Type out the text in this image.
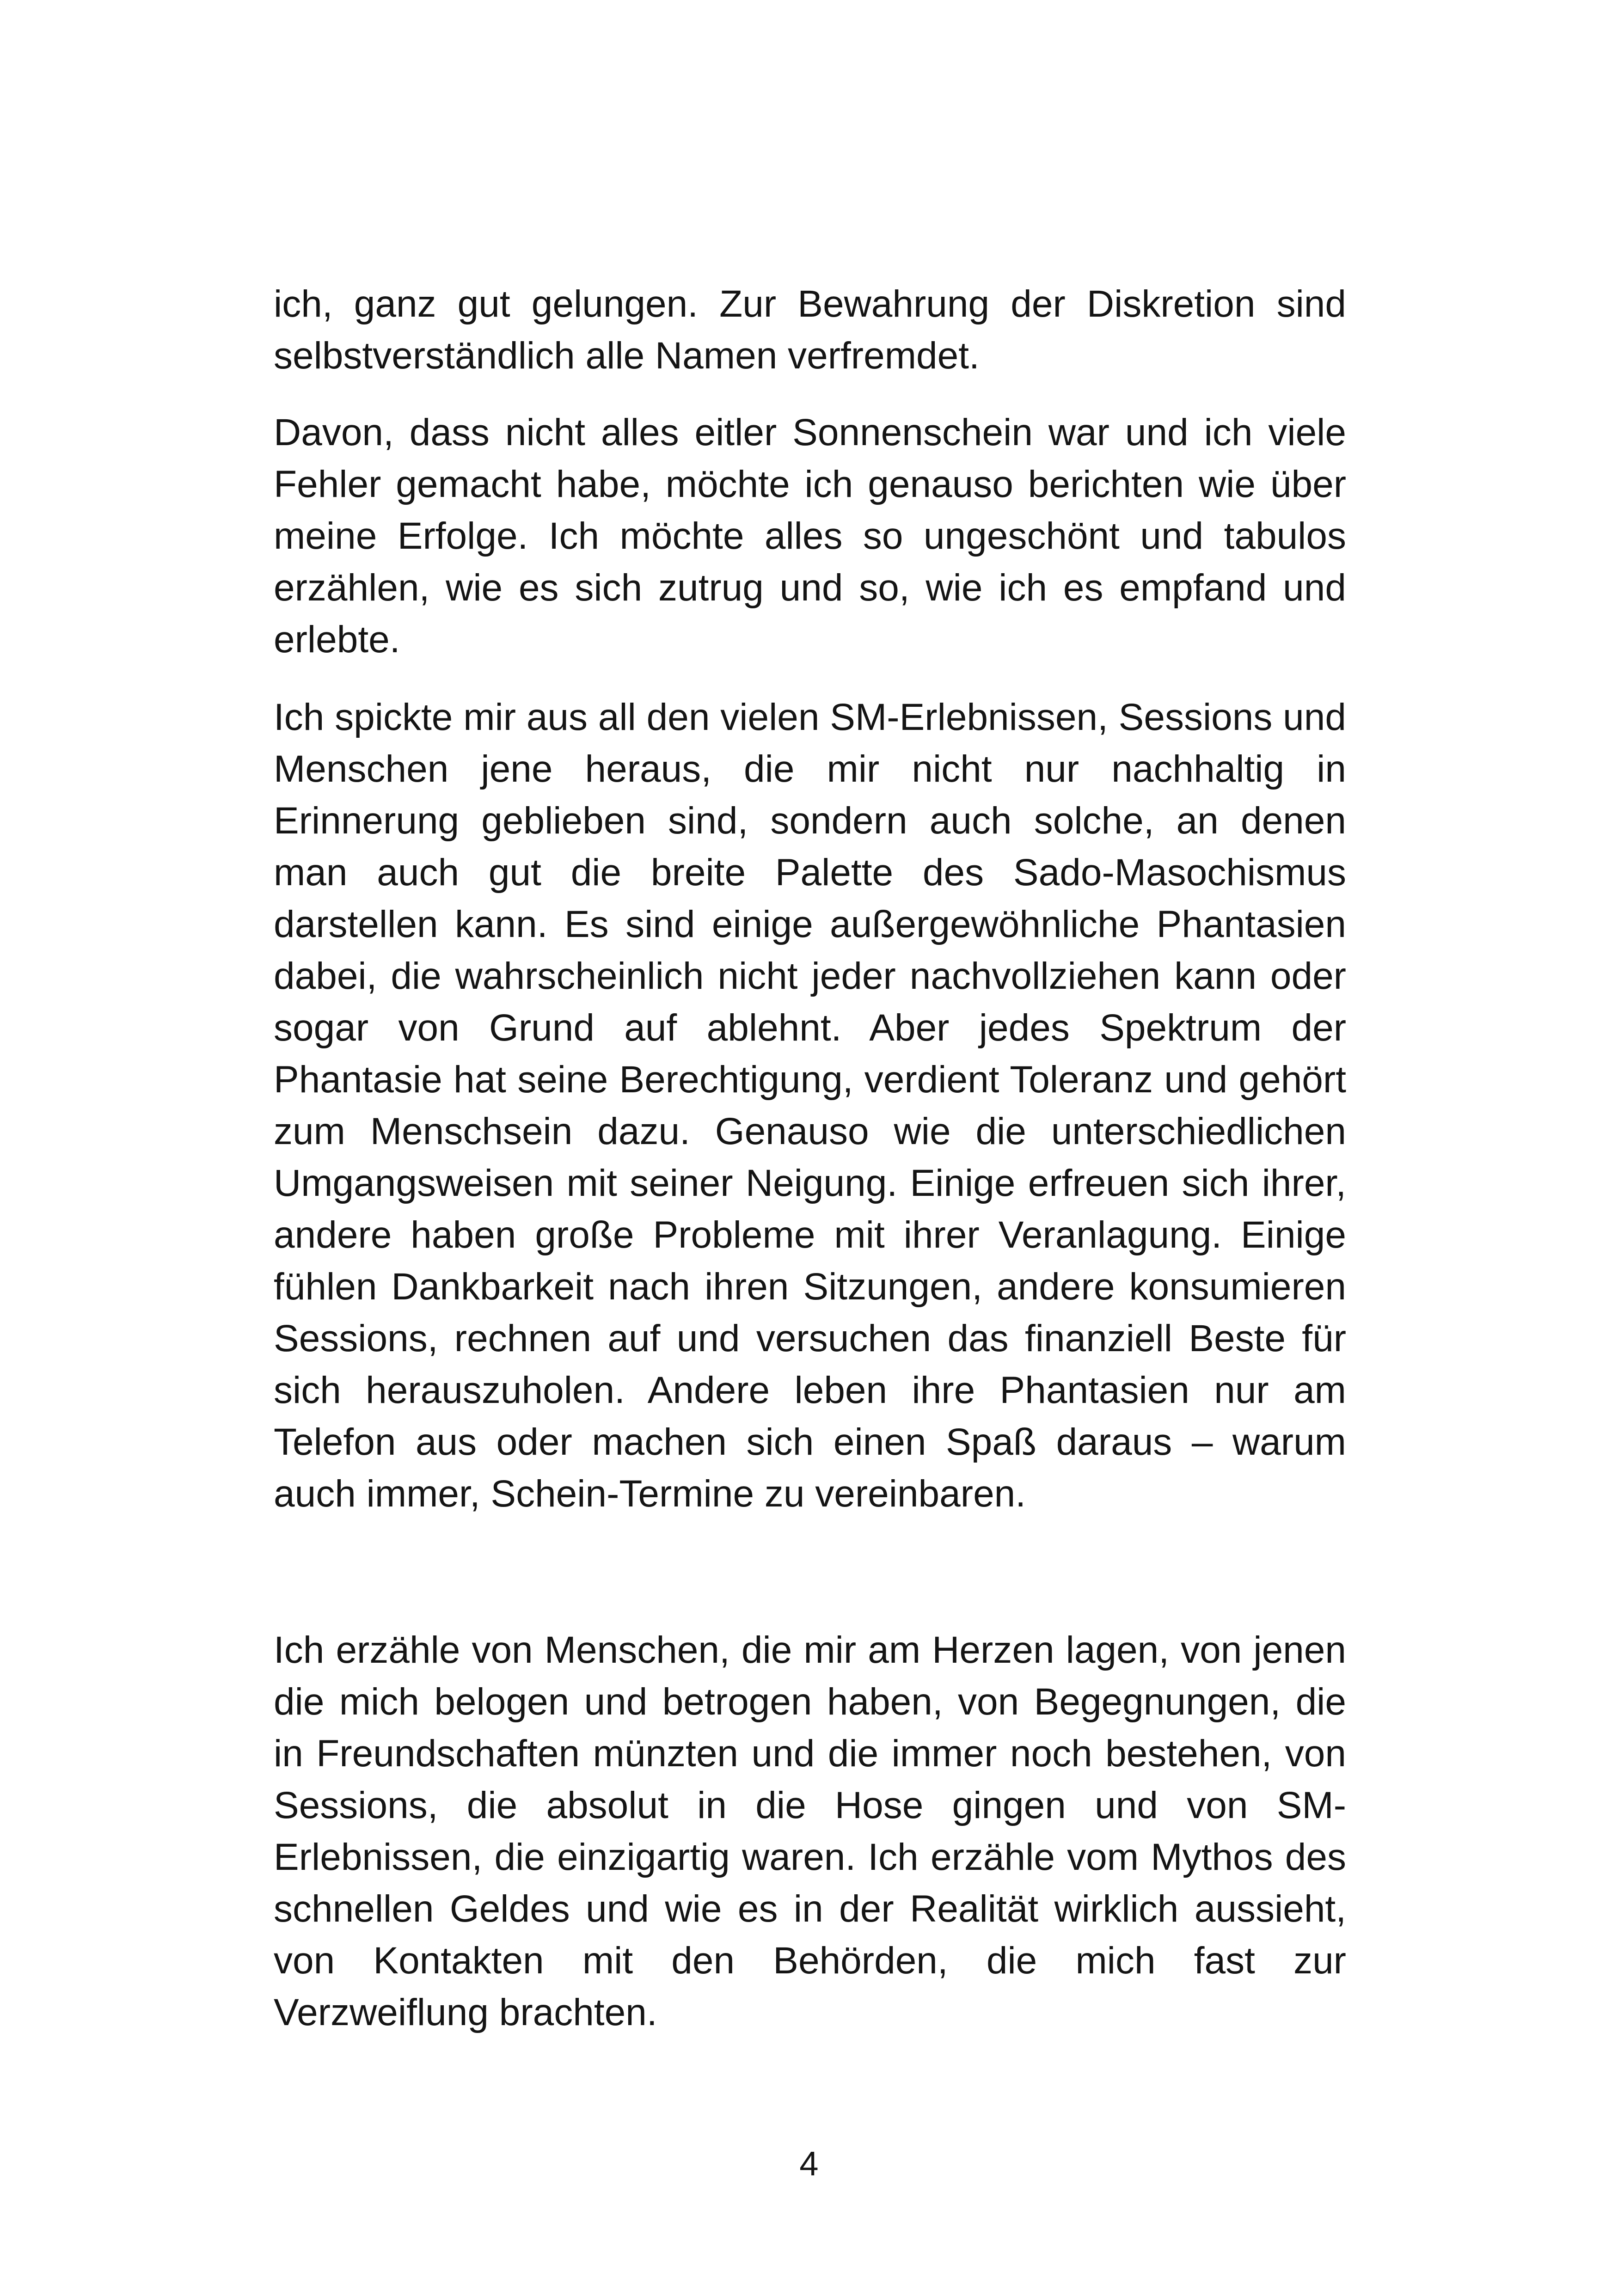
ich, ganz gut gelungen. Zur Bewahrung der Diskretion sind selbstverständlich alle Namen verfremdet.

Davon, dass nicht alles eitler Sonnenschein war und ich viele Fehler gemacht habe, möchte ich genauso berichten wie über meine Erfolge. Ich möchte alles so ungeschönt und tabulos erzählen, wie es sich zutrug und so, wie ich es empfand und erlebte.

Ich spickte mir aus all den vielen SM-Erlebnissen, Sessions und Menschen jene heraus, die mir nicht nur nachhaltig in Erinnerung geblieben sind, sondern auch solche, an denen man auch gut die breite Palette des Sado-Masochismus darstellen kann. Es sind einige außergewöhnliche Phantasien dabei, die wahrscheinlich nicht jeder nachvollziehen kann oder sogar von Grund auf ablehnt. Aber jedes Spektrum der Phantasie hat seine Berechtigung, verdient Toleranz und gehört zum Menschsein dazu. Genauso wie die unterschiedlichen Umgangsweisen mit seiner Neigung. Einige erfreuen sich ihrer, andere haben große Probleme mit ihrer Veranlagung. Einige fühlen Dankbarkeit nach ihren Sitzungen, andere konsumieren Sessions, rechnen auf und versuchen das finanziell Beste für sich herauszuholen. Andere leben ihre Phantasien nur am Telefon aus oder machen sich einen Spaß daraus – warum auch immer, Schein-Termine zu vereinbaren.

Ich erzähle von Menschen, die mir am Herzen lagen, von jenen die mich belogen und betrogen haben, von Begegnungen, die in Freundschaften münzten und die immer noch bestehen, von Sessions, die absolut in die Hose gingen und von SM-Erlebnissen, die einzigartig waren. Ich erzähle vom Mythos des schnellen Geldes und wie es in der Realität wirklich aussieht, von Kontakten mit den Behörden, die mich fast zur Verzweiflung brachten.

4
